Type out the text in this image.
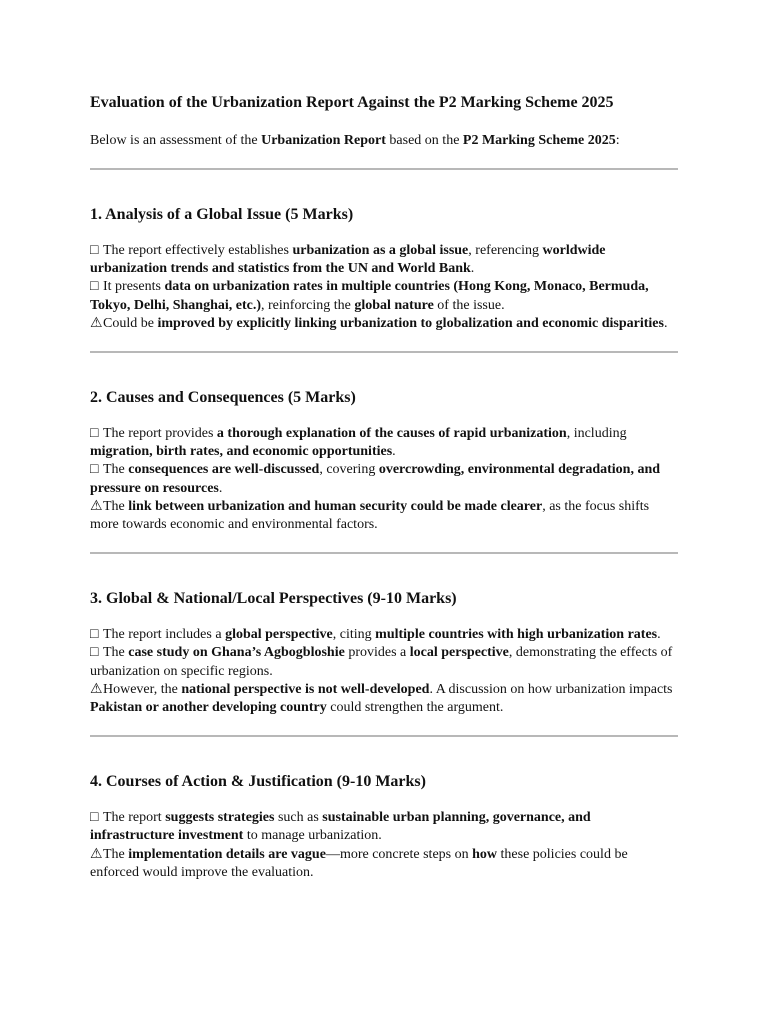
Evaluation of the Urbanization Report Against the P2 Marking Scheme 2025

Below is an assessment of the Urbanization Report based on the P2 Marking Scheme 2025:

1. Analysis of a Global Issue (5 Marks)

□ The report effectively establishes urbanization as a global issue, referencing worldwide urbanization trends and statistics from the UN and World Bank.

□ It presents data on urbanization rates in multiple countries (Hong Kong, Monaco, Bermuda, Tokyo, Delhi, Shanghai, etc.), reinforcing the global nature of the issue.

⚠Could be improved by explicitly linking urbanization to globalization and economic disparities.

2. Causes and Consequences (5 Marks)

□ The report provides a thorough explanation of the causes of rapid urbanization, including migration, birth rates, and economic opportunities.

□ The consequences are well-discussed, covering overcrowding, environmental degradation, and pressure on resources.

⚠The link between urbanization and human security could be made clearer, as the focus shifts more towards economic and environmental factors.

3. Global & National/Local Perspectives (9-10 Marks)

□ The report includes a global perspective, citing multiple countries with high urbanization rates.

□ The case study on Ghana’s Agbogbloshie provides a local perspective, demonstrating the effects of urbanization on specific regions.

⚠However, the national perspective is not well-developed. A discussion on how urbanization impacts Pakistan or another developing country could strengthen the argument.

4. Courses of Action & Justification (9-10 Marks)

□ The report suggests strategies such as sustainable urban planning, governance, and infrastructure investment to manage urbanization.

⚠The implementation details are vague—more concrete steps on how these policies could be enforced would improve the evaluation.
